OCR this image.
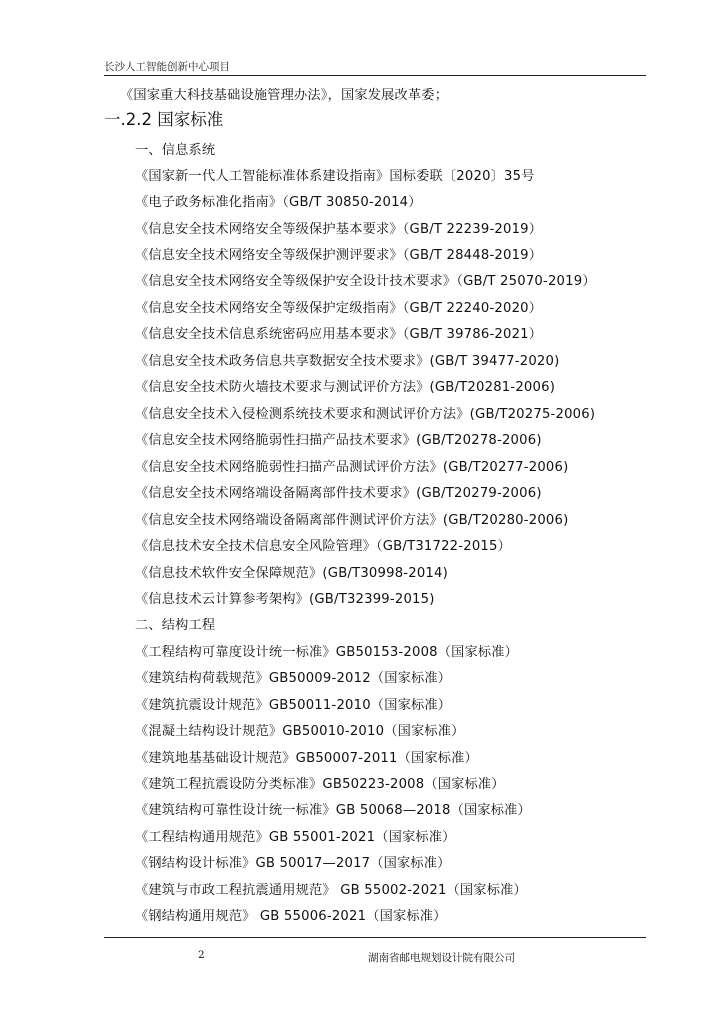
长沙人工智能创新中心项目
《国家重大科技基础设施管理办法》，国家发展改革委；
一.2.2 国家标准
一、信息系统
《国家新一代人工智能标准体系建设指南》国标委联〔2020〕35号
《电子政务标准化指南》（GB/T 30850-2014）
《信息安全技术网络安全等级保护基本要求》（GB/T 22239-2019）
《信息安全技术网络安全等级保护测评要求》（GB/T 28448-2019）
《信息安全技术网络安全等级保护安全设计技术要求》（GB/T 25070-2019）
《信息安全技术网络安全等级保护定级指南》（GB/T 22240-2020）
《信息安全技术信息系统密码应用基本要求》（GB/T 39786-2021）
《信息安全技术政务信息共享数据安全技术要求》(GB/T 39477-2020)
《信息安全技术防火墙技术要求与测试评价方法》(GB/T20281-2006)
《信息安全技术入侵检测系统技术要求和测试评价方法》(GB/T20275-2006)
《信息安全技术网络脆弱性扫描产品技术要求》(GB/T20278-2006)
《信息安全技术网络脆弱性扫描产品测试评价方法》(GB/T20277-2006)
《信息安全技术网络端设备隔离部件技术要求》(GB/T20279-2006)
《信息安全技术网络端设备隔离部件测试评价方法》(GB/T20280-2006)
《信息技术安全技术信息安全风险管理》（GB/T31722-2015）
《信息技术软件安全保障规范》(GB/T30998-2014)
《信息技术云计算参考架构》(GB/T32399-2015)
二、结构工程
《工程结构可靠度设计统一标准》GB50153-2008（国家标准）
《建筑结构荷载规范》GB50009-2012（国家标准）
《建筑抗震设计规范》GB50011-2010（国家标准）
《混凝土结构设计规范》GB50010-2010（国家标准）
《建筑地基基础设计规范》GB50007-2011（国家标准）
《建筑工程抗震设防分类标准》GB50223-2008（国家标准）
《建筑结构可靠性设计统一标准》GB 50068—2018（国家标准）
《工程结构通用规范》GB 55001-2021（国家标准）
《钢结构设计标准》GB 50017—2017（国家标准）
《建筑与市政工程抗震通用规范》 GB 55002-2021（国家标准）
《钢结构通用规范》 GB 55006-2021（国家标准）
2	湖南省邮电规划设计院有限公司
